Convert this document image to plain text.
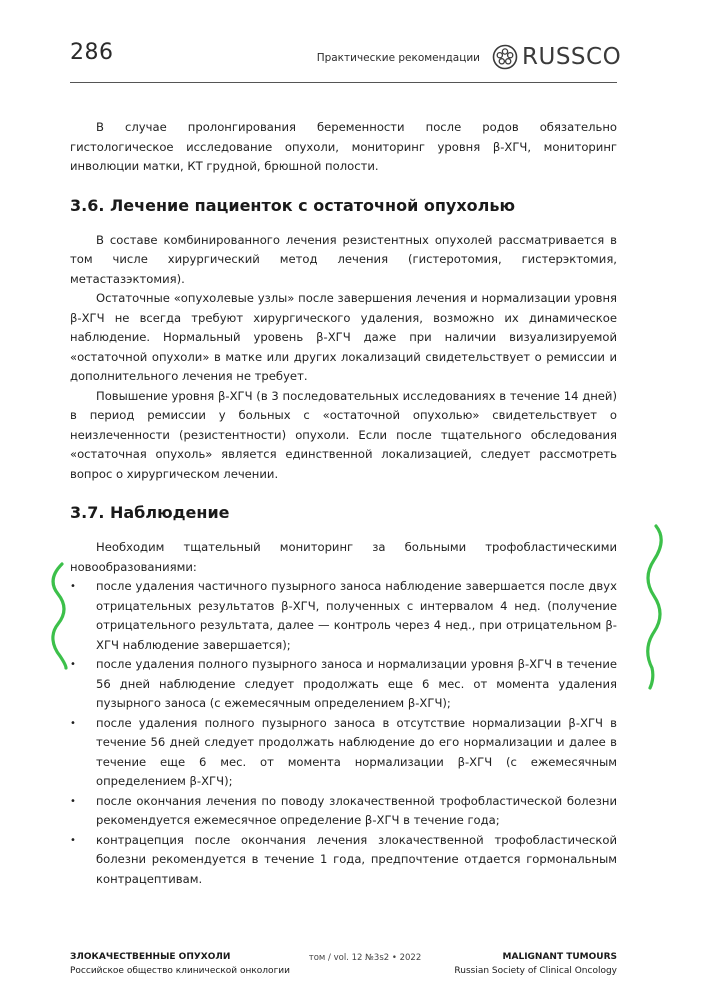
286	Практические рекомендации RUSSCO

В случае пролонгирования беременности после родов обязательно гистологическое исследование опухоли, мониторинг уровня β-ХГЧ, мониторинг инволюции матки, КТ грудной, брюшной полости.

3.6. Лечение пациенток с остаточной опухолью

В составе комбинированного лечения резистентных опухолей рассматривается в том числе хирургический метод лечения (гистеротомия, гистерэктомия, метастазэктомия).

Остаточные «опухолевые узлы» после завершения лечения и нормализации уровня β-ХГЧ не всегда требуют хирургического удаления, возможно их динамическое наблюдение. Нормальный уровень β-ХГЧ даже при наличии визуализируемой «остаточной опухоли» в матке или других локализаций свидетельствует о ремиссии и дополнительного лечения не требует.

Повышение уровня β-ХГЧ (в 3 последовательных исследованиях в течение 14 дней) в период ремиссии у больных с «остаточной опухолью» свидетельствует о неизлеченности (резистентности) опухоли. Если после тщательного обследования «остаточная опухоль» является единственной локализацией, следует рассмотреть вопрос о хирургическом лечении.

3.7. Наблюдение

Необходим тщательный мониторинг за больными трофобластическими новообразованиями:

• после удаления частичного пузырного заноса наблюдение завершается после двух отрицательных результатов β-ХГЧ, полученных с интервалом 4 нед. (получение отрицательного результата, далее — контроль через 4 нед., при отрицательном β-ХГЧ наблюдение завершается);
• после удаления полного пузырного заноса и нормализации уровня β-ХГЧ в течение 56 дней наблюдение следует продолжать еще 6 мес. от момента удаления пузырного заноса (с ежемесячным определением β-ХГЧ);
• после удаления полного пузырного заноса в отсутствие нормализации β-ХГЧ в течение 56 дней следует продолжать наблюдение до его нормализации и далее в течение еще 6 мес. от момента нормализации β-ХГЧ (с ежемесячным определением β-ХГЧ);
• после окончания лечения по поводу злокачественной трофобластической болезни рекомендуется ежемесячное определение β-ХГЧ в течение года;
• контрацепция после окончания лечения злокачественной трофобластической болезни рекомендуется в течение 1 года, предпочтение отдается гормональным контрацептивам.
ЗЛОКАЧЕСТВЕННЫЕ ОПУХОЛИ
Российское общество клинической онкологии
том / vol. 12 №3s2 • 2022	MALIGNANT TUMOURS
Russian Society of Clinical Oncology
